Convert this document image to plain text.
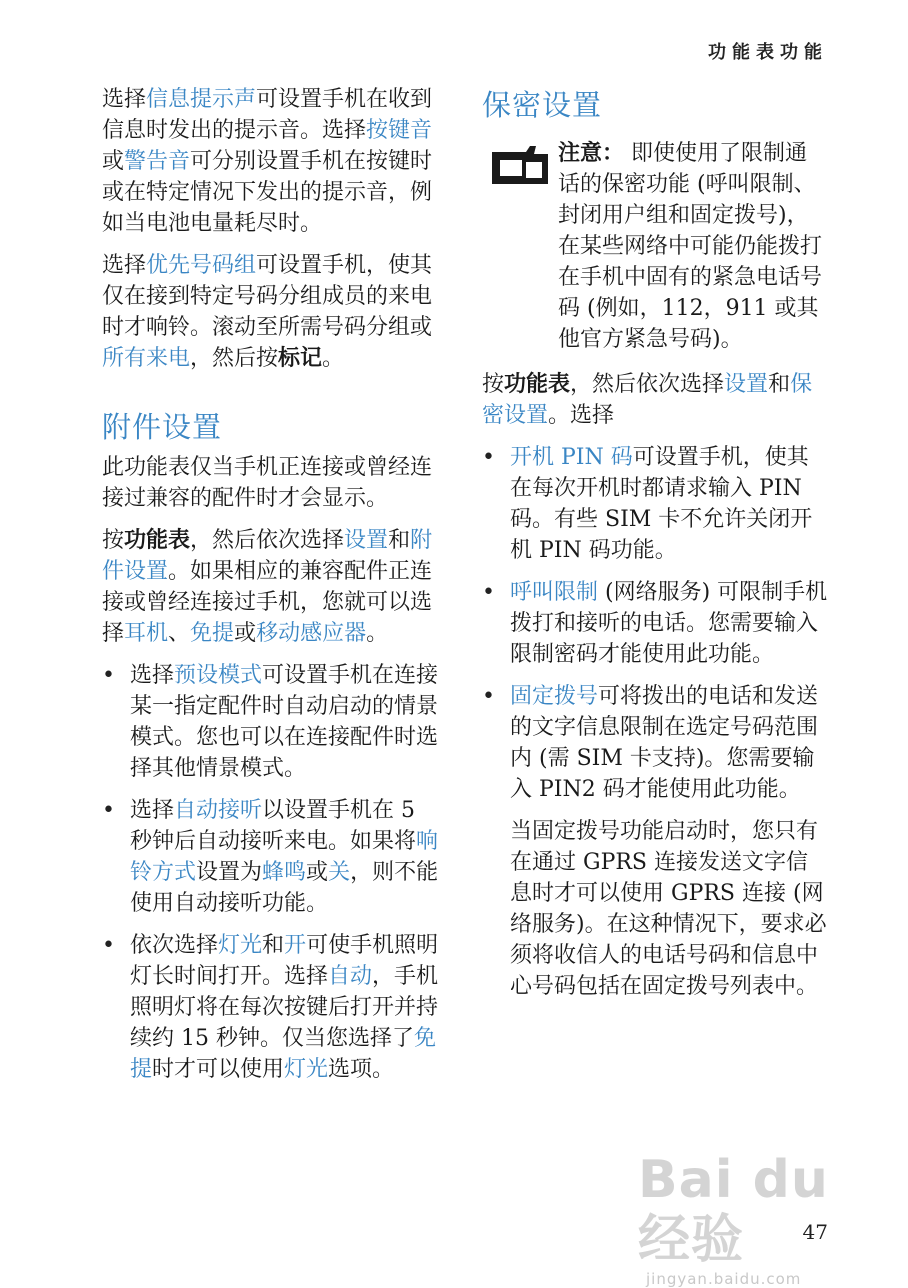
功能表功能

选择信息提示声可设置手机在收到信息时发出的提示音。选择按键音或警告音可分别设置手机在按键时或在特定情况下发出的提示音，例如当电池电量耗尽时。

选择优先号码组可设置手机，使其仅在接到特定号码分组成员的来电时才响铃。滚动至所需号码分组或所有来电，然后按标记。

附件设置

此功能表仅当手机正连接或曾经连接过兼容的配件时才会显示。

按功能表，然后依次选择设置和附件设置。如果相应的兼容配件正连接或曾经连接过手机，您就可以选择耳机、免提或移动感应器。

• 选择预设模式可设置手机在连接某一指定配件时自动启动的情景模式。您也可以在连接配件时选择其他情景模式。
• 选择自动接听以设置手机在 5 秒钟后自动接听来电。如果将响铃方式设置为蜂鸣或关，则不能使用自动接听功能。
• 依次选择灯光和开可使手机照明灯长时间打开。选择自动，手机照明灯将在每次按键后打开并持续约 15 秒钟。仅当您选择了免提时才可以使用灯光选项。
保密设置
注意： 即使使用了限制通话的保密功能 (呼叫限制、封闭用户组和固定拨号)，在某些网络中可能仍能拨打在手机中固有的紧急电话号码 (例如，112，911 或其他官方紧急号码)。

按功能表，然后依次选择设置和保密设置。选择

• 开机 PIN 码可设置手机，使其在每次开机时都请求输入 PIN 码。有些 SIM 卡不允许关闭开机 PIN 码功能。
• 呼叫限制 (网络服务) 可限制手机拨打和接听的电话。您需要输入限制密码才能使用此功能。
• 固定拨号可将拨出的电话和发送的文字信息限制在选定号码范围内 (需 SIM 卡支持)。您需要输入 PIN2 码才能使用此功能。

当固定拨号功能启动时，您只有在通过 GPRS 连接发送文字信息时才可以使用 GPRS 连接 (网络服务)。在这种情况下，要求必须将收信人的电话号码和信息中心号码包括在固定拨号列表中。

Bai du 经验
jingyan.baidu.com
47
